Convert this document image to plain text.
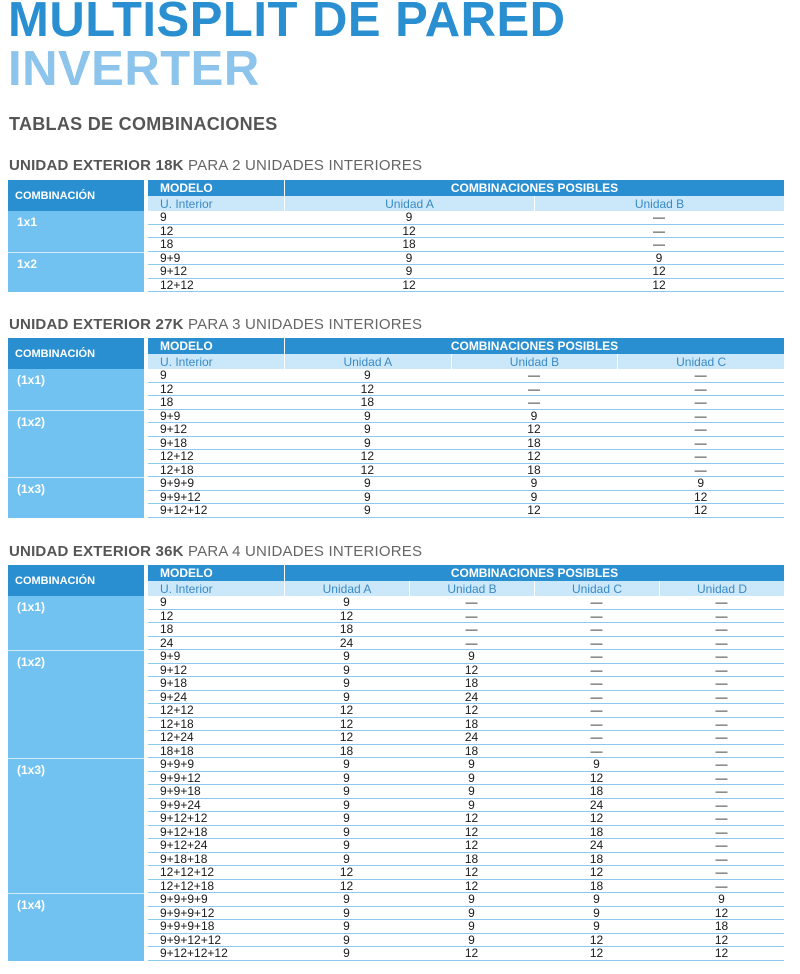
MULTISPLIT DE PARED
INVERTER
TABLAS DE COMBINACIONES
UNIDAD EXTERIOR 18K PARA 2 UNIDADES INTERIORES
COMBINACIÓN
MODELO	COMBINACIONES POSIBLES
U. Interior	Unidad A	Unidad B
1x1	9	9	—
12	12	—
18	18	—
1x2	9+9	9	9
9+12	9	12
12+12	12	12
UNIDAD EXTERIOR 27K PARA 3 UNIDADES INTERIORES
COMBINACIÓN
MODELO	COMBINACIONES POSIBLES
U. Interior	Unidad A	Unidad B	Unidad C
(1x1)	9	9	—	—
12	12	—	—
18	18	—	—
(1x2)	9+9	9	9	—
9+12	9	12	—
9+18	9	18	—
12+12	12	12	—
12+18	12	18	—
(1x3)	9+9+9	9	9	9
9+9+12	9	9	12
9+12+12	9	12	12
UNIDAD EXTERIOR 36K PARA 4 UNIDADES INTERIORES
COMBINACIÓN
MODELO	COMBINACIONES POSIBLES
U. Interior	Unidad A	Unidad B	Unidad C	Unidad D
(1x1)	9	9	—	—	—
12	12	—	—	—
18	18	—	—	—
24	24	—	—	—
(1x2)	9+9	9	9	—	—
9+12	9	12	—	—
9+18	9	18	—	—
9+24	9	24	—	—
12+12	12	12	—	—
12+18	12	18	—	—
12+24	12	24	—	—
18+18	18	18	—	—
(1x3)	9+9+9	9	9	9	—
9+9+12	9	9	12	—
9+9+18	9	9	18	—
9+9+24	9	9	24	—
9+12+12	9	12	12	—
9+12+18	9	12	18	—
9+12+24	9	12	24	—
9+18+18	9	18	18	—
12+12+12	12	12	12	—
12+12+18	12	12	18	—
(1x4)	9+9+9+9	9	9	9	9
9+9+9+12	9	9	9	12
9+9+9+18	9	9	9	18
9+9+12+12	9	9	12	12
9+12+12+12	9	12	12	12
